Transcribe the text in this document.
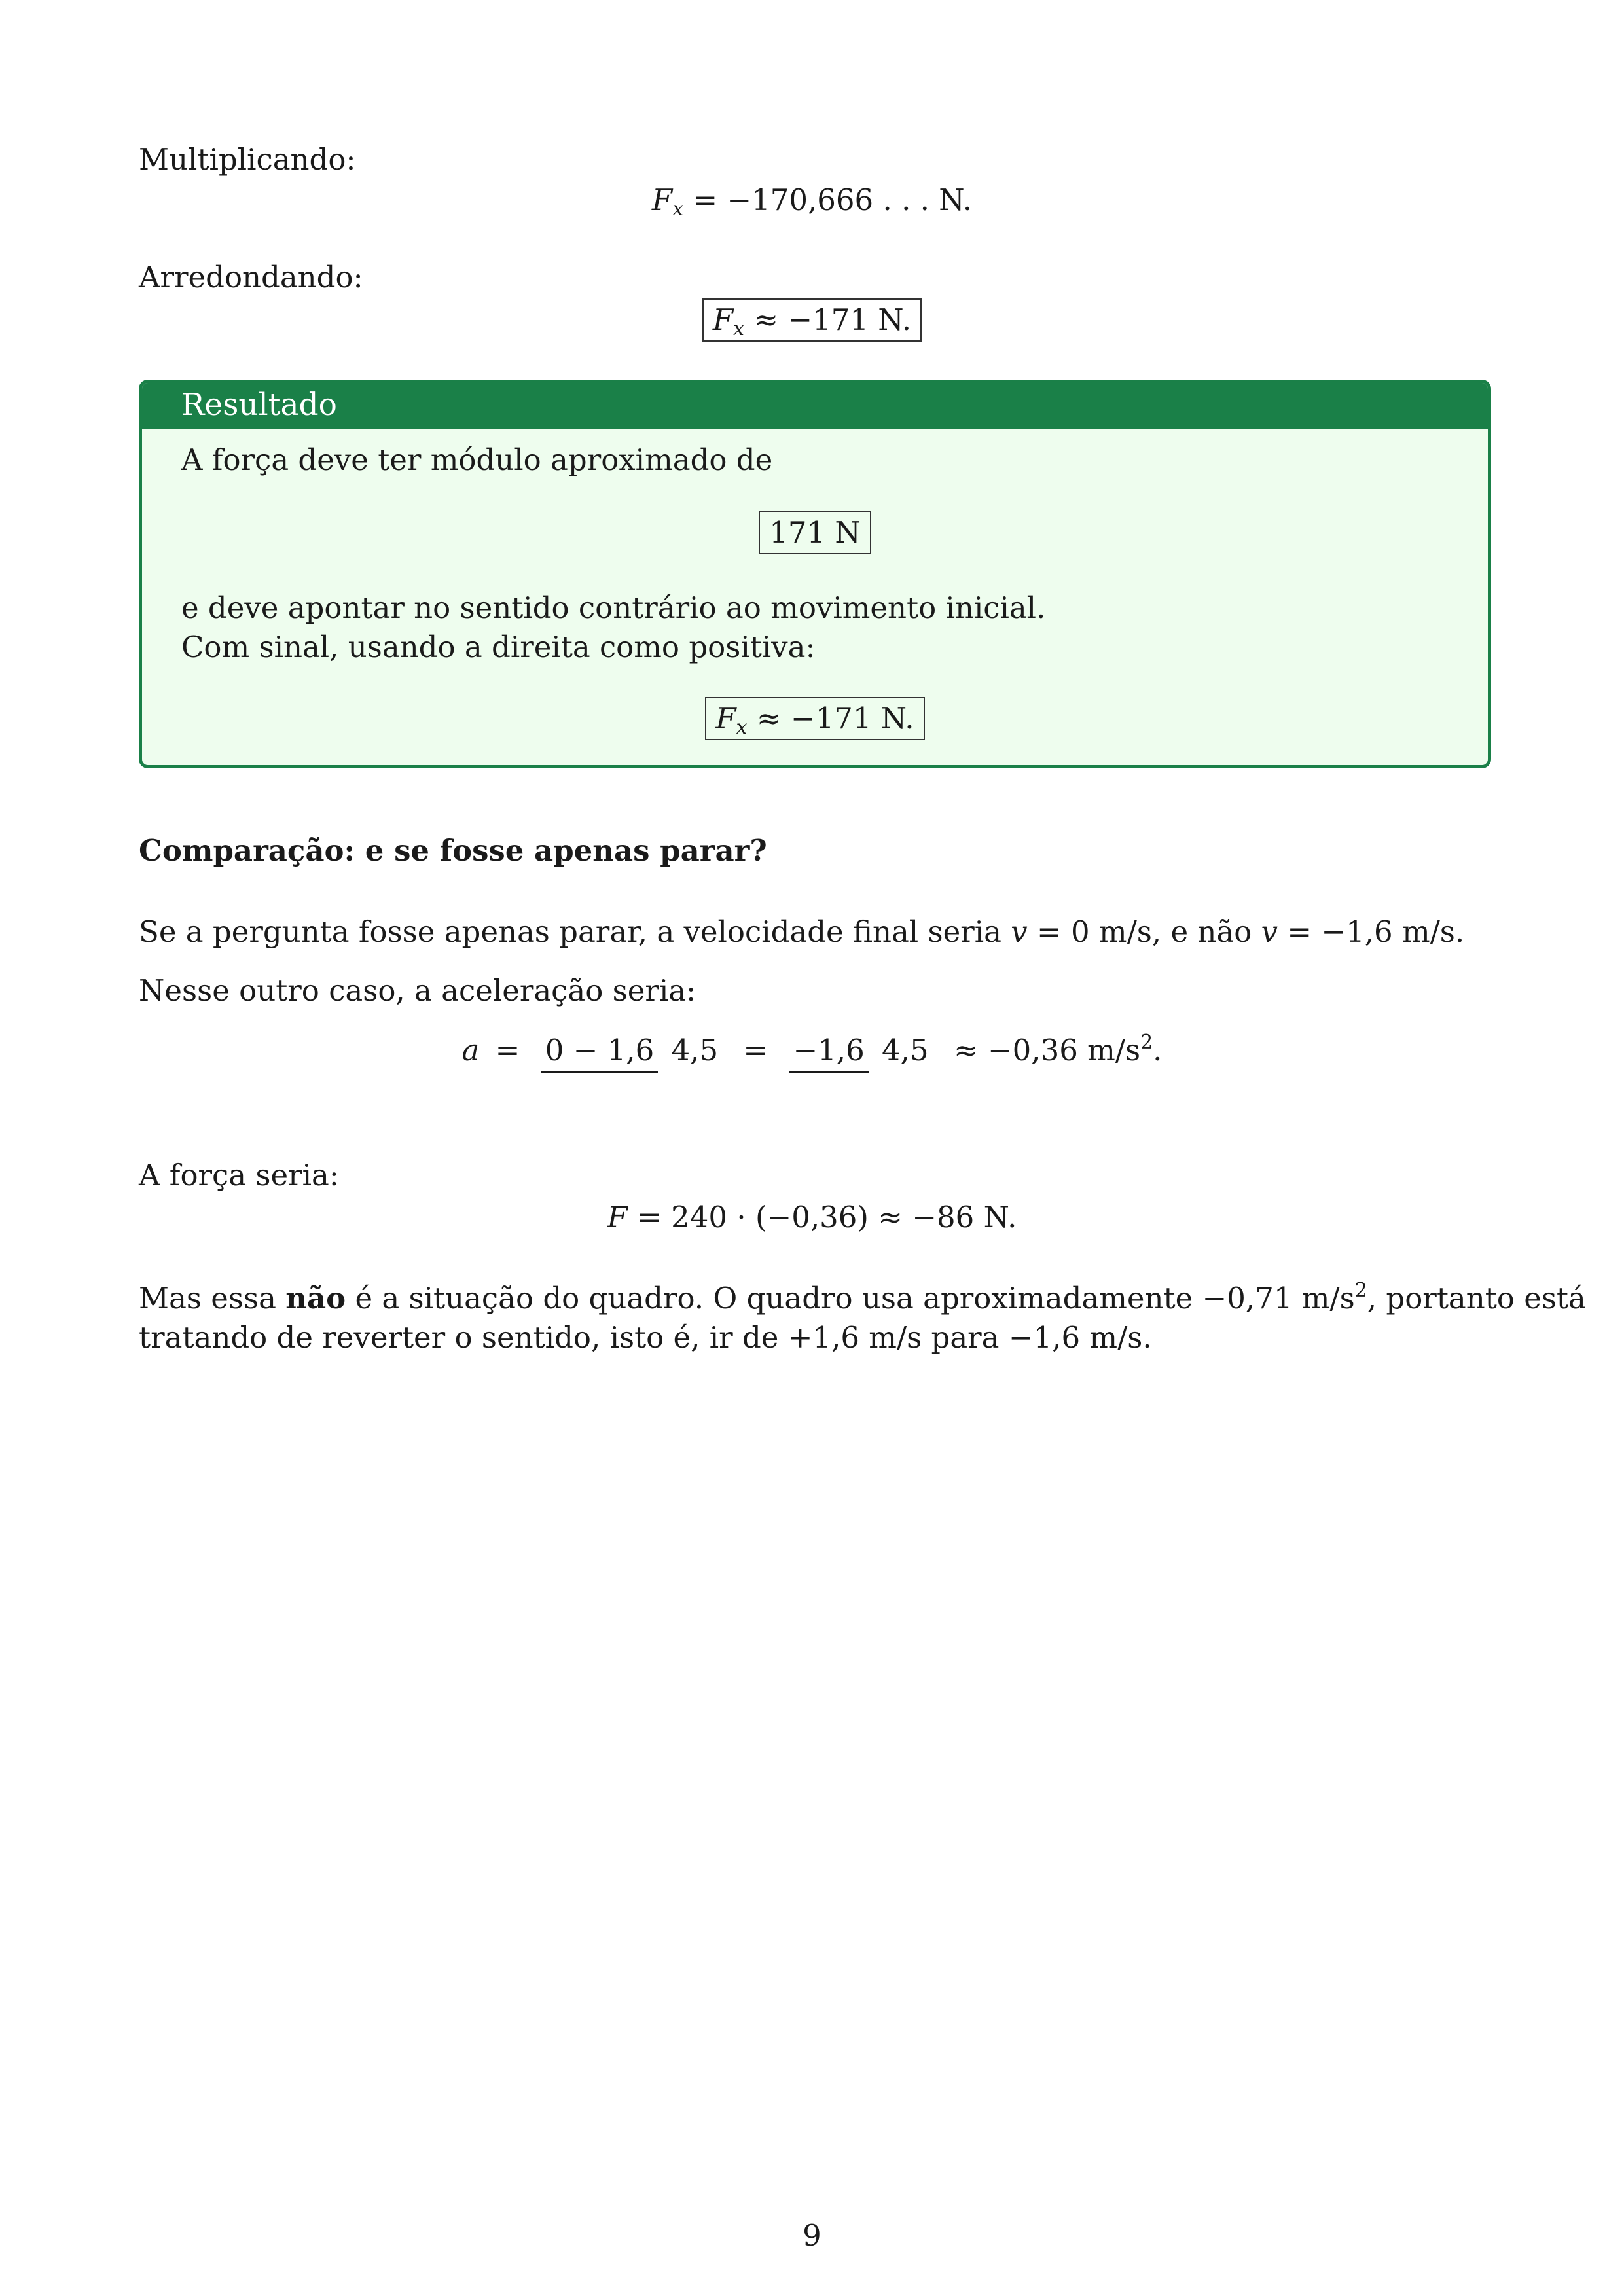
Multiplicando:
$F_x = -170,666$ . . . N.
Arredondando:
$F_x \approx -171$ N.
Resultado
A força deve ter módulo aproximado de
171 N
e deve apontar no sentido contrário ao movimento inicial.
Com sinal, usando a direita como positiva:
$F_x \approx -171$ N.
Comparação: e se fosse apenas parar?
Se a pergunta fosse apenas parar, a velocidade final seria v = 0 m/s, e não v = −1,6 m/s.
Nesse outro caso, a aceleração seria:
a = 0 − 1,6 4,5 = −1,6 4,5 ≈ −0,36 $m/s^2$.
A força seria:
F = 240 · (−0,36) ≈ −86 N.
Mas essa não é a situação do quadro. O quadro usa aproximadamente −0,71 $m/s^2$, portanto está
tratando de reverter o sentido, isto é, ir de +1,6 m/s para −1,6 m/s.
9
